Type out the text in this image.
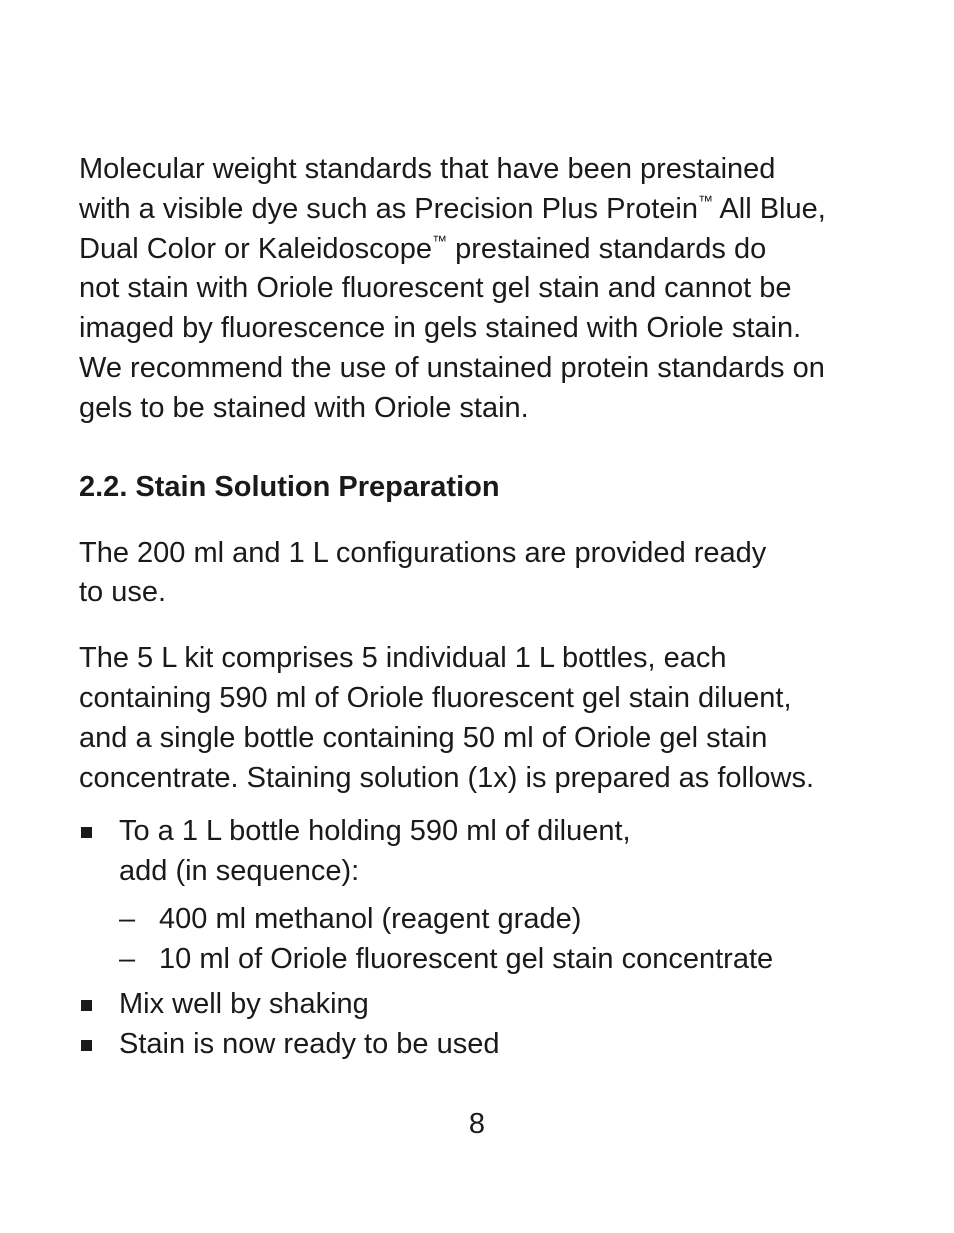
Molecular weight standards that have been prestained
with a visible dye such as Precision Plus Protein™ All Blue,
Dual Color or Kaleidoscope™ prestained standards do
not stain with Oriole fluorescent gel stain and cannot be
imaged by fluorescence in gels stained with Oriole stain.
We recommend the use of unstained protein standards on
gels to be stained with Oriole stain.

2.2. Stain Solution Preparation

The 200 ml and 1 L configurations are provided ready
to use.

The 5 L kit comprises 5 individual 1 L bottles, each
containing 590 ml of Oriole fluorescent gel stain diluent,
and a single bottle containing 50 ml of Oriole gel stain
concentrate. Staining solution (1x) is prepared as follows.

To a 1 L bottle holding 590 ml of diluent,
add (in sequence):
– 400 ml methanol (reagent grade)
– 10 ml of Oriole fluorescent gel stain concentrate
Mix well by shaking
Stain is now ready to be used
8
